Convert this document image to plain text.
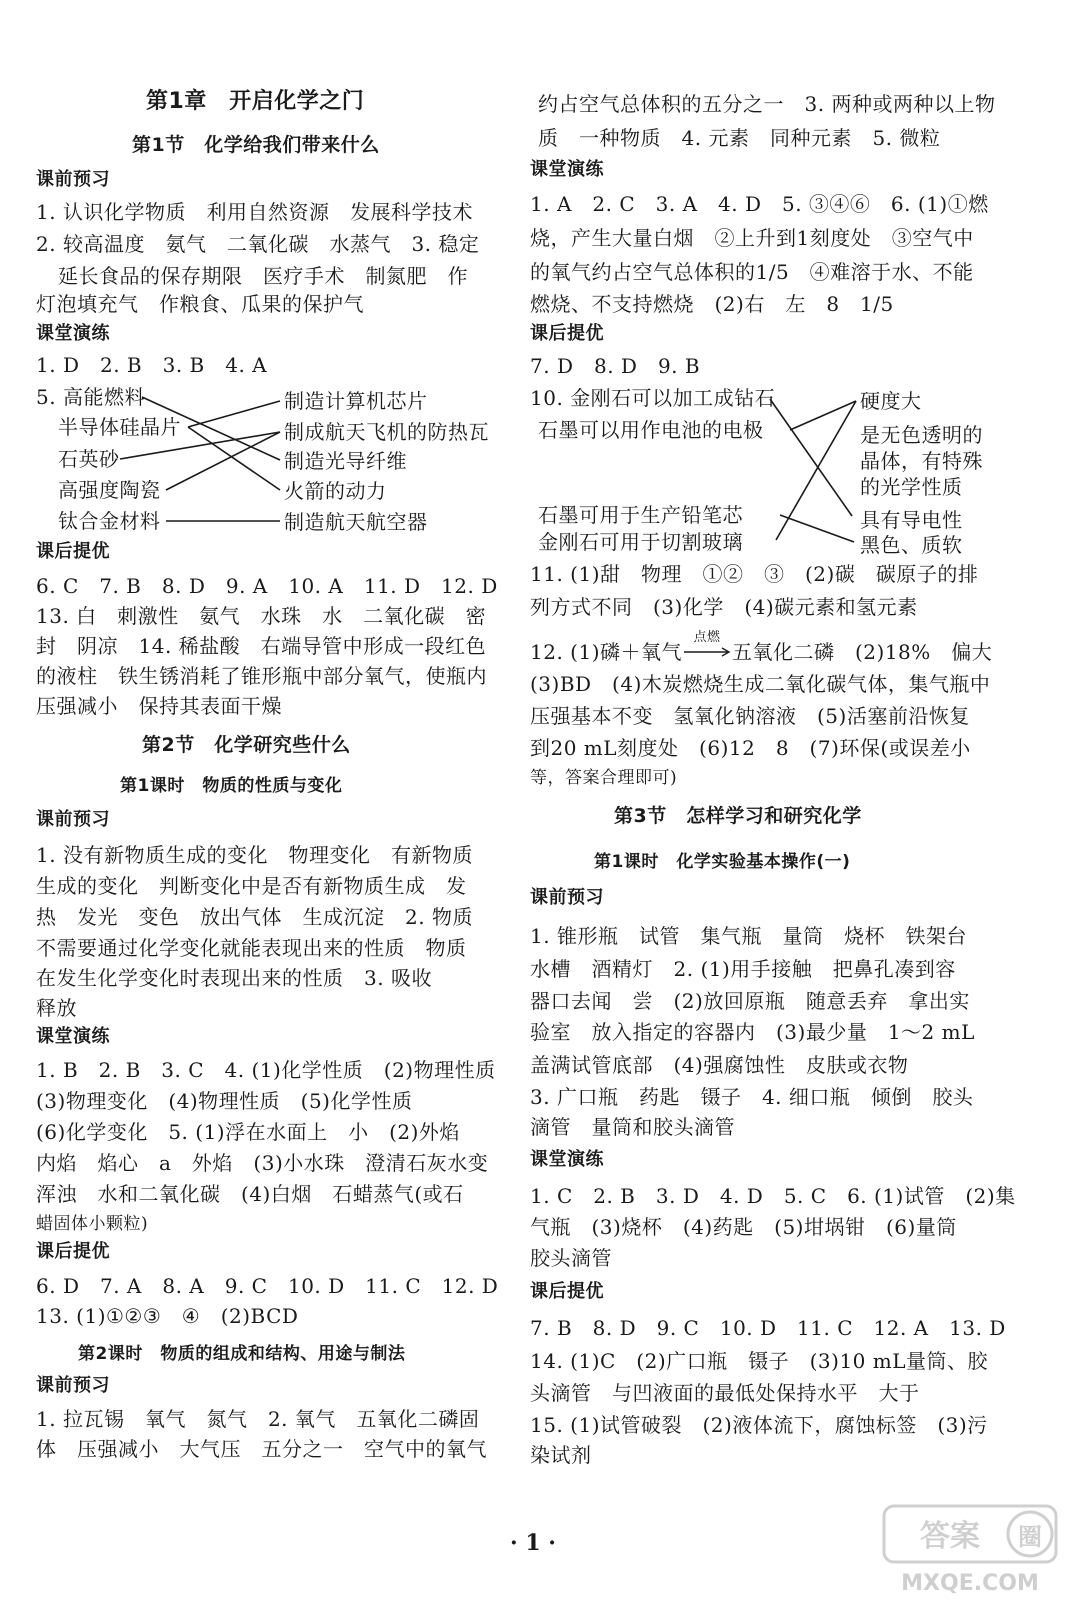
第1章　开启化学之门
第1节　化学给我们带来什么
课前预习
1. 认识化学物质　利用自然资源　发展科学技术
2. 较高温度　氨气　二氧化碳　水蒸气　3. 稳定
延长食品的保存期限　医疗手术　制氮肥　作
灯泡填充气　作粮食、瓜果的保护气
课堂演练
1. D　2. B　3. B　4. A
5. 高能燃料
半导体硅晶片
石英砂
高强度陶瓷
钛合金材料
制造计算机芯片
制成航天飞机的防热瓦
制造光导纤维
火箭的动力
制造航天航空器
课后提优
6. C　7. B　8. D　9. A　10. A　11. D　12. D
13. 白　刺激性　氨气　水珠　水　二氧化碳　密
封　阴凉　14. 稀盐酸　右端导管中形成一段红色
的液柱　铁生锈消耗了锥形瓶中部分氧气，使瓶内
压强减小　保持其表面干燥
第2节　化学研究些什么
第1课时　物质的性质与变化
课前预习
1. 没有新物质生成的变化　物理变化　有新物质
生成的变化　判断变化中是否有新物质生成　发
热　发光　变色　放出气体　生成沉淀　2. 物质
不需要通过化学变化就能表现出来的性质　物质
在发生化学变化时表现出来的性质　3. 吸收
释放
课堂演练
1. B　2. B　3. C　4. (1)化学性质　(2)物理性质
(3)物理变化　(4)物理性质　(5)化学性质
(6)化学变化　5. (1)浮在水面上　小　(2)外焰
内焰　焰心　a　外焰　(3)小水珠　澄清石灰水变
浑浊　水和二氧化碳　(4)白烟　石蜡蒸气(或石
蜡固体小颗粒)
课后提优
6. D　7. A　8. A　9. C　10. D　11. C　12. D
13. (1)①②③　④　(2)BCD
第2课时　物质的组成和结构、用途与制法
课前预习
1. 拉瓦锡　氧气　氮气　2. 氧气　五氧化二磷固
体　压强减小　大气压　五分之一　空气中的氧气
约占空气总体积的五分之一　3. 两种或两种以上物
质　一种物质　4. 元素　同种元素　5. 微粒
课堂演练
1. A　2. C　3. A　4. D　5. ③④⑥　6. (1)①燃
烧，产生大量白烟　②上升到1刻度处　③空气中
的氧气约占空气总体积的1/5　④难溶于水、不能
燃烧、不支持燃烧　(2)右　左　8　1/5
课后提优
7. D　8. D　9. B
10. 金刚石可以加工成钻石
石墨可以用作电池的电极
石墨可用于生产铅笔芯
金刚石可用于切割玻璃
硬度大
是无色透明的
晶体，有特殊
的光学性质
具有导电性
黑色、质软
11. (1)甜　物理　①②　③　(2)碳　碳原子的排
列方式不同　(3)化学　(4)碳元素和氢元素
12. (1)磷＋氧气
点燃
五氧化二磷　(2)18%　偏大
(3)BD　(4)木炭燃烧生成二氧化碳气体，集气瓶中
压强基本不变　氢氧化钠溶液　(5)活塞前沿恢复
到20 mL刻度处　(6)12　8　(7)环保(或误差小
等，答案合理即可)
第3节　怎样学习和研究化学
第1课时　化学实验基本操作(一)
课前预习
1. 锥形瓶　试管　集气瓶　量筒　烧杯　铁架台
水槽　酒精灯　2. (1)用手接触　把鼻孔凑到容
器口去闻　尝　(2)放回原瓶　随意丢弃　拿出实
验室　放入指定的容器内　(3)最少量　1～2 mL
盖满试管底部　(4)强腐蚀性　皮肤或衣物
3. 广口瓶　药匙　镊子　4. 细口瓶　倾倒　胶头
滴管　量筒和胶头滴管
课堂演练
1. C　2. B　3. D　4. D　5. C　6. (1)试管　(2)集
气瓶　(3)烧杯　(4)药匙　(5)坩埚钳　(6)量筒
胶头滴管
课后提优
7. B　8. D　9. C　10. D　11. C　12. A　13. D
14. (1)C　(2)广口瓶　镊子　(3)10 mL量筒、胶
头滴管　与凹液面的最低处保持水平　大于
15. (1)试管破裂　(2)液体流下，腐蚀标签　(3)污
染试剂
· 1 ·	答案 圈
MXQE.COM
